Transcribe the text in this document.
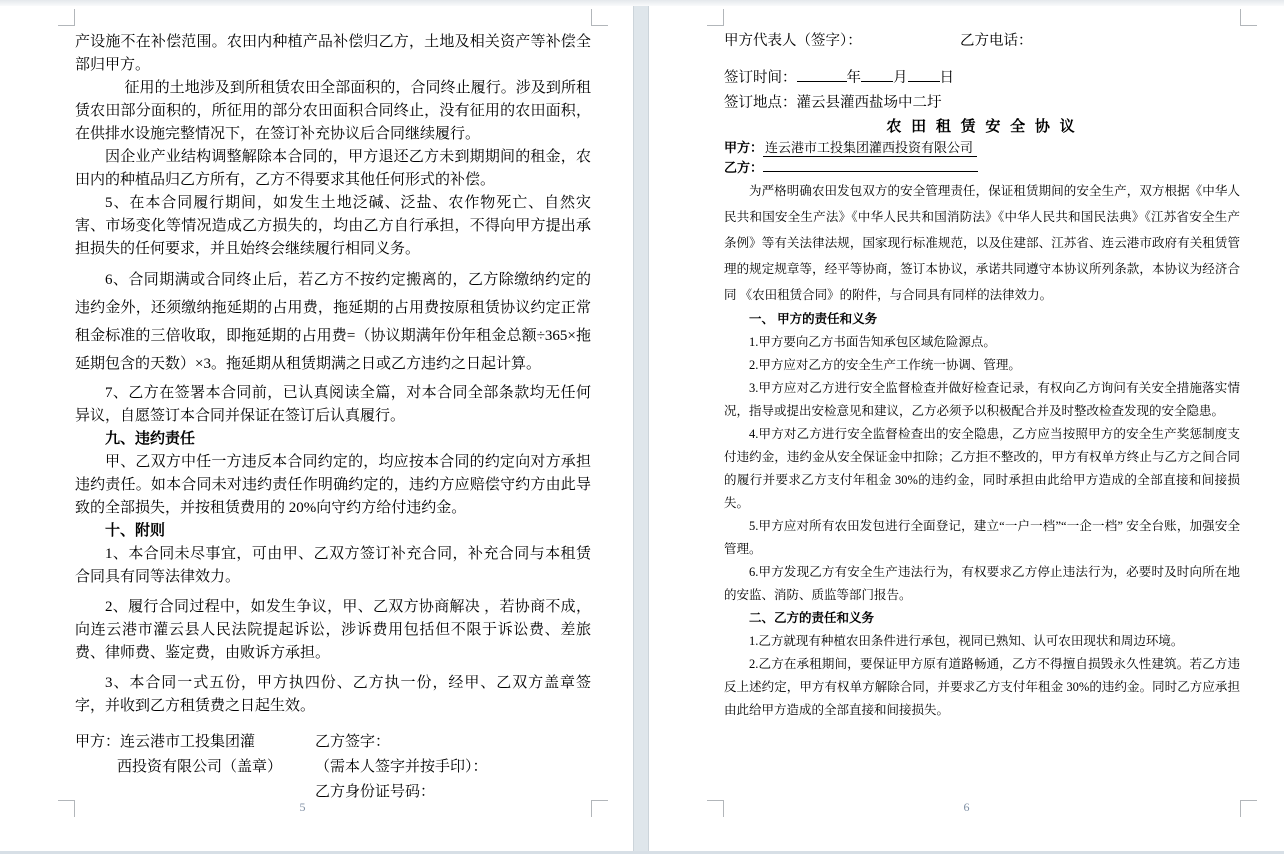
产设施不在补偿范围。农田内种植产品补偿归乙方，土地及相关资产等补偿全部归甲方。

征用的土地涉及到所租赁农田全部面积的，合同终止履行。涉及到所租赁农田部分面积的，所征用的部分农田面积合同终止，没有征用的农田面积，在供排水设施完整情况下，在签订补充协议后合同继续履行。

因企业产业结构调整解除本合同的，甲方退还乙方未到期期间的租金，农田内的种植品归乙方所有，乙方不得要求其他任何形式的补偿。

5、在本合同履行期间，如发生土地泛碱、泛盐、农作物死亡、自然灾害、市场变化等情况造成乙方损失的，均由乙方自行承担，不得向甲方提出承担损失的任何要求，并且始终会继续履行相同义务。

6、合同期满或合同终止后，若乙方不按约定搬离的，乙方除缴纳约定的违约金外，还须缴纳拖延期的占用费，拖延期的占用费按原租赁协议约定正常租金标准的三倍收取，即拖延期的占用费=（协议期满年份年租金总额÷365×拖延期包含的天数）×3。拖延期从租赁期满之日或乙方违约之日起计算。

7、乙方在签署本合同前，已认真阅读全篇，对本合同全部条款均无任何异议，自愿签订本合同并保证在签订后认真履行。

九、违约责任

甲、乙双方中任一方违反本合同约定的，均应按本合同的约定向对方承担违约责任。如本合同未对违约责任作明确约定的，违约方应赔偿守约方由此导致的全部损失，并按租赁费用的 20%向守约方给付违约金。

十、附则

1、本合同未尽事宜，可由甲、乙双方签订补充合同，补充合同与本租赁合同具有同等法律效力。

2、履行合同过程中，如发生争议，甲、乙双方协商解决 ，若协商不成，向连云港市灌云县人民法院提起诉讼，涉诉费用包括但不限于诉讼费、差旅费、律师费、鉴定费，由败诉方承担。

3、本合同一式五份，甲方执四份、乙方执一份，经甲、乙双方盖章签字，并收到乙方租赁费之日起生效。

甲方：连云港市工投集团灌

西投资有限公司（盖章）

乙方签字：

（需本人签字并按手印）：

乙方身份证号码：

5
甲方代表人（签字）：	乙方电话：

签订时间：	年 月 日

签订地点：灌云县灌西盐场中二圩

农 田 租 赁 安 全 协 议

甲方： 连云港市工投集团灌西投资有限公司

乙方：

为严格明确农田发包双方的安全管理责任，保证租赁期间的安全生产，双方根据《中华人民共和国安全生产法》《中华人民共和国消防法》《中华人民共和国民法典》《江苏省安全生产条例》等有关法律法规，国家现行标准规范，以及住建部、江苏省、连云港市政府有关租赁管理的规定规章等，经平等协商，签订本协议，承诺共同遵守本协议所列条款，本协议为经济合同 《农田租赁合同》的附件，与合同具有同样的法律效力。

一、 甲方的责任和义务

1.甲方要向乙方书面告知承包区域危险源点。

2.甲方应对乙方的安全生产工作统一协调、管理。

3.甲方应对乙方进行安全监督检查并做好检查记录，有权向乙方询问有关安全措施落实情况，指导或提出安检意见和建议，乙方必须予以积极配合并及时整改检查发现的安全隐患。

4.甲方对乙方进行安全监督检查出的安全隐患，乙方应当按照甲方的安全生产奖惩制度支付违约金，违约金从安全保证金中扣除；乙方拒不整改的，甲方有权单方终止与乙方之间合同的履行并要求乙方支付年租金 30%的违约金，同时承担由此给甲方造成的全部直接和间接损失。

5.甲方应对所有农田发包进行全面登记，建立“一户一档”“一企一档” 安全台账，加强安全管理。

6.甲方发现乙方有安全生产违法行为，有权要求乙方停止违法行为，必要时及时向所在地的安监、消防、质监等部门报告。

二、乙方的责任和义务

1.乙方就现有种植农田条件进行承包，视同已熟知、认可农田现状和周边环境。

2.乙方在承租期间，要保证甲方原有道路畅通，乙方不得擅自损毁永久性建筑。若乙方违反上述约定，甲方有权单方解除合同，并要求乙方支付年租金 30%的违约金。同时乙方应承担由此给甲方造成的全部直接和间接损失。

6
